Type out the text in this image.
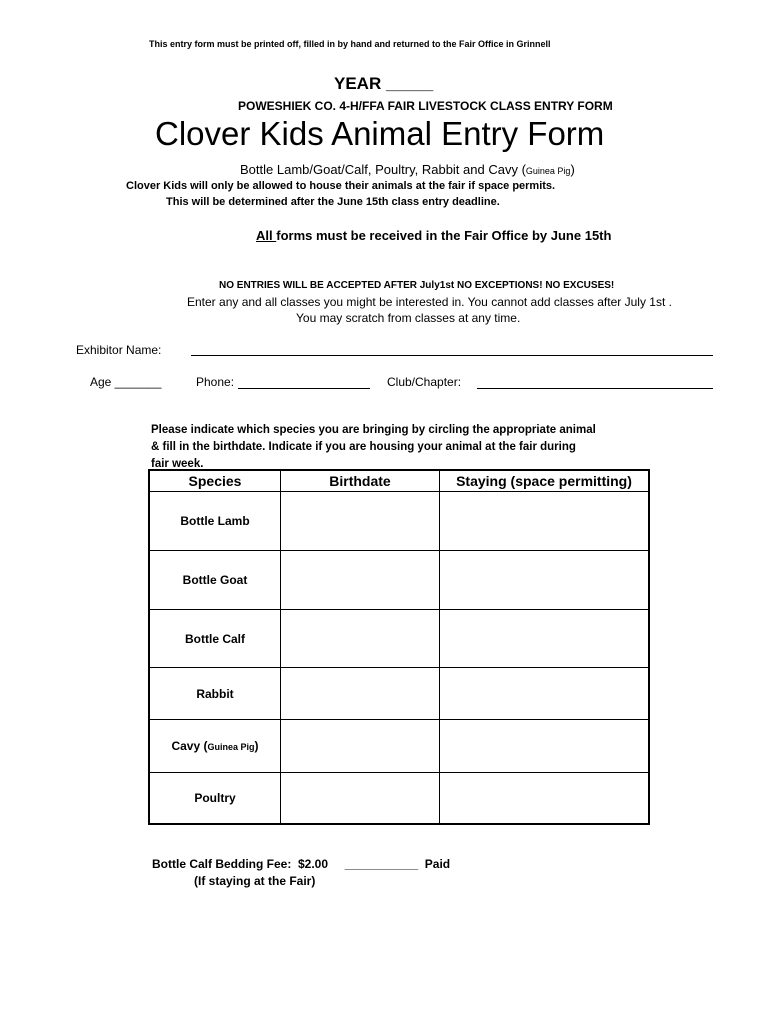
This entry form must be printed off, filled in by hand and returned to the Fair Office in Grinnell
YEAR _____
POWESHIEK CO. 4-H/FFA FAIR LIVESTOCK CLASS ENTRY FORM
Clover Kids Animal Entry Form
Bottle Lamb/Goat/Calf, Poultry, Rabbit and Cavy (Guinea Pig)
Clover Kids will only be allowed to house their animals at the fair if space permits.
This will be determined after the June 15th class entry deadline.
All forms must be received in the Fair Office by June 15th
NO ENTRIES WILL BE ACCEPTED AFTER July1st NO EXCEPTIONS! NO EXCUSES!
Enter any and all classes you might be interested in. You cannot add classes after July 1st .
You may scratch from classes at any time.
Exhibitor Name:
Age _______	Phone:	Club/Chapter:
Please indicate which species you are bringing by circling the appropriate animal
& fill in the birthdate. Indicate if you are housing your animal at the fair during
fair week.
Species	Birthdate	Staying (space permitting)
Bottle Lamb		
Bottle Goat		
Bottle Calf		
Rabbit		
Cavy (Guinea Pig)		
Poultry		
Bottle Calf Bedding Fee:  $2.00     ___________  Paid
(If staying at the Fair)
